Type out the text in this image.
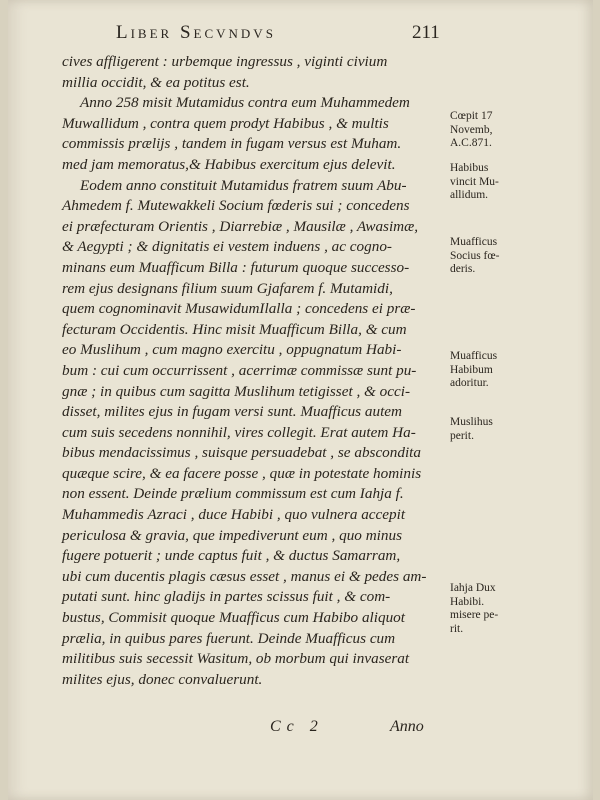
Liber Secvndvs	211
cives affligerent : urbemque ingressus , viginti civium
millia occidit, & ea potitus est.
Anno 258 misit Mutamidus contra eum Muhammedem
Muwallidum , contra quem prodyt Habibus , & multis
commissis prælijs , tandem in fugam versus est Muham.
med jam memoratus,& Habibus exercitum ejus delevit.
Eodem anno constituit Mutamidus fratrem suum Abu-
Ahmedem f. Mutewakkeli Socium fœderis sui ; concedens
ei præfecturam Orientis , Diarrebiæ , Mausilæ , Awasimæ,
& Aegypti ; & dignitatis ei vestem induens , ac cogno-
minans eum Muafficum Billa : futurum quoque successo-
rem ejus designans filium suum Gjafarem f. Mutamidi,
quem cognominavit MusawidumIlalla ; concedens ei præ-
fecturam Occidentis. Hinc misit Muafficum Billa, & cum
eo Muslihum , cum magno exercitu , oppugnatum Habi-
bum : cui cum occurrissent , acerrimæ commissæ sunt pu-
gnæ ; in quibus cum sagitta Muslihum tetigisset , & occi-
disset, milites ejus in fugam versi sunt. Muafficus autem
cum suis secedens nonnihil, vires collegit. Erat autem Ha-
bibus mendacissimus , suisque persuadebat , se abscondita
quæque scire, & ea facere posse , quæ in potestate hominis
non essent. Deinde prælium commissum est cum Iahja f.
Muhammedis Azraci , duce Habibi , quo vulnera accepit
periculosa & gravia, que impediverunt eum , quo minus
fugere potuerit ; unde captus fuit , & ductus Samarram,
ubi cum ducentis plagis cæsus esset , manus ei & pedes am-
putati sunt. hinc gladijs in partes scissus fuit , & com-
bustus, Commisit quoque Muafficus cum Habibo aliquot
prælia, in quibus pares fuerunt. Deinde Muafficus cum
militibus suis secessit Wasitum, ob morbum qui invaserat
milites ejus, donec convaluerunt.
Cœpit 17
Novemb,
A.C.871.
Habibus
vincit Mu-
allidum.
Muafficus
Socius fœ-
deris.
Muafficus
Habibum
adoritur.
Muslihus
perit.
Iahja Dux
Habibi.
misere pe-
rit.
Cc 2	Anno
